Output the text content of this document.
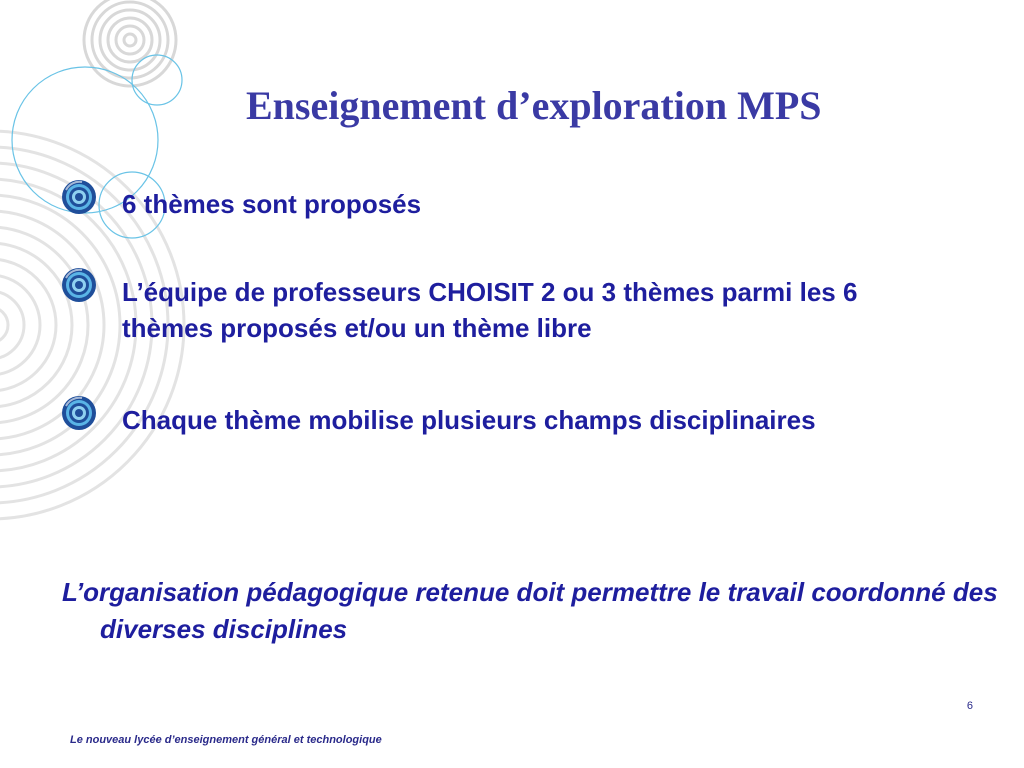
Enseignement d’exploration MPS
6 thèmes sont proposés
L’équipe de professeurs CHOISIT 2 ou 3 thèmes parmi les 6 thèmes proposés et/ou un thème libre
Chaque thème mobilise plusieurs champs disciplinaires
L’organisation pédagogique retenue doit permettre le travail coordonné des diverses disciplines
6
Le nouveau lycée d’enseignement général et technologique
